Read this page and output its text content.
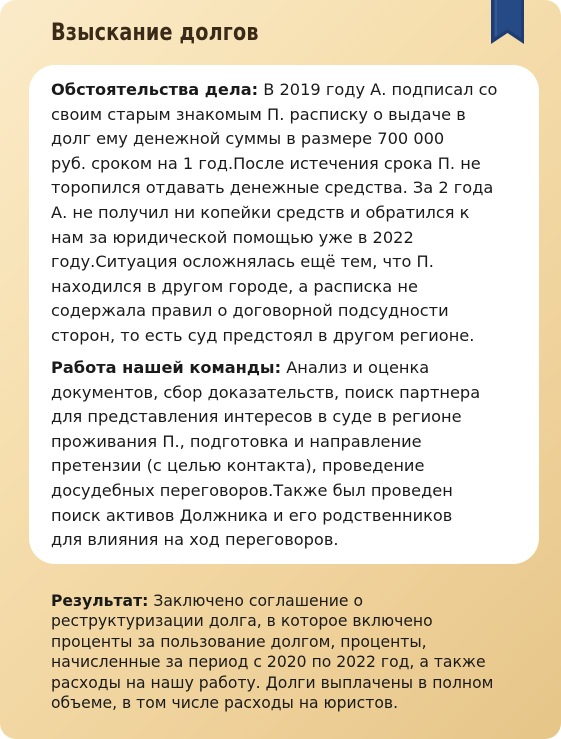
Взыскание долгов

Обстоятельства дела: В 2019 году А. подписал со
своим старым знакомым П. расписку о выдаче в
долг ему денежной суммы в размере 700 000
руб. сроком на 1 год.После истечения срока П. не
торопился отдавать денежные средства. За 2 года
А. не получил ни копейки средств и обратился к
нам за юридической помощью уже в 2022
году.Ситуация осложнялась ещё тем, что П.
находился в другом городе, а расписка не
содержала правил о договорной подсудности
сторон, то есть суд предстоял в другом регионе.

Работа нашей команды: Анализ и оценка
документов, сбор доказательств, поиск партнера
для представления интересов в суде в регионе
проживания П., подготовка и направление
претензии (с целью контакта), проведение
досудебных переговоров.Также был проведен
поиск активов Должника и его родственников
для влияния на ход переговоров.

Результат: Заключено соглашение о
реструктуризации долга, в которое включено
проценты за пользование долгом, проценты,
начисленные за период с 2020 по 2022 год, а также
расходы на нашу работу. Долги выплачены в полном
объеме, в том числе расходы на юристов.
